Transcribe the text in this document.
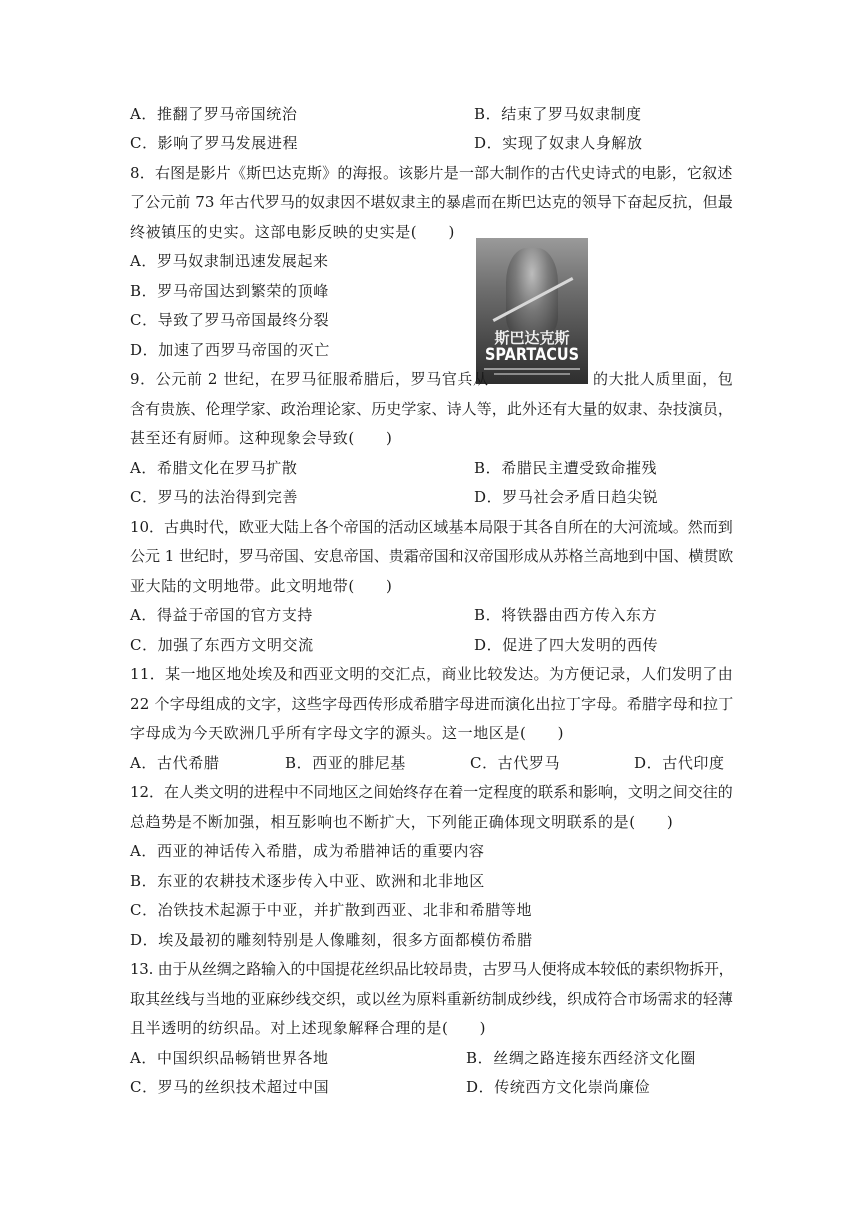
A．推翻了罗马帝国统治	B．结束了罗马奴隶制度
C．影响了罗马发展进程	D．实现了奴隶人身解放
8．右图是影片《斯巴达克斯》的海报。该影片是一部大制作的古代史诗式的电影，它叙述
了公元前 73 年古代罗马的奴隶因不堪奴隶主的暴虐而在斯巴达克的领导下奋起反抗，但最
终被镇压的史实。这部电影反映的史实是(　　)
A．罗马奴隶制迅速发展起来
B．罗马帝国达到繁荣的顶峰
C．导致了罗马帝国最终分裂
D．加速了西罗马帝国的灭亡
斯巴达克斯
SPARTACUS
9．公元前 2 世纪，在罗马征服希腊后，罗马官兵从	的大批人质里面，包
含有贵族、伦理学家、政治理论家、历史学家、诗人等，此外还有大量的奴隶、杂技演员，
甚至还有厨师。这种现象会导致(　　)
A．希腊文化在罗马扩散	B．希腊民主遭受致命摧残
C．罗马的法治得到完善	D．罗马社会矛盾日趋尖锐
10．古典时代，欧亚大陆上各个帝国的活动区域基本局限于其各自所在的大河流域。然而到
公元 1 世纪时，罗马帝国、安息帝国、贵霜帝国和汉帝国形成从苏格兰高地到中国、横贯欧
亚大陆的文明地带。此文明地带(　　)
A．得益于帝国的官方支持	B．将铁器由西方传入东方
C．加强了东西方文明交流	D．促进了四大发明的西传
11．某一地区地处埃及和西亚文明的交汇点，商业比较发达。为方便记录，人们发明了由
22 个字母组成的文字，这些字母西传形成希腊字母进而演化出拉丁字母。希腊字母和拉丁
字母成为今天欧洲几乎所有字母文字的源头。这一地区是(　　)
A．古代希腊	B．西亚的腓尼基	C．古代罗马	D．古代印度
12．在人类文明的进程中不同地区之间始终存在着一定程度的联系和影响，文明之间交往的
总趋势是不断加强，相互影响也不断扩大，下列能正确体现文明联系的是(　　)
A．西亚的神话传入希腊，成为希腊神话的重要内容
B．东亚的农耕技术逐步传入中亚、欧洲和北非地区
C．冶铁技术起源于中亚，并扩散到西亚、北非和希腊等地
D．埃及最初的雕刻特别是人像雕刻，很多方面都模仿希腊
13. 由于从丝绸之路输入的中国提花丝织品比较昂贵，古罗马人便将成本较低的素织物拆开，
取其丝线与当地的亚麻纱线交织，或以丝为原料重新纺制成纱线，织成符合市场需求的轻薄
且半透明的纺织品。对上述现象解释合理的是(　　)
A．中国织织品畅销世界各地	B．丝绸之路连接东西经济文化圈
C．罗马的丝织技术超过中国	D．传统西方文化崇尚廉俭
